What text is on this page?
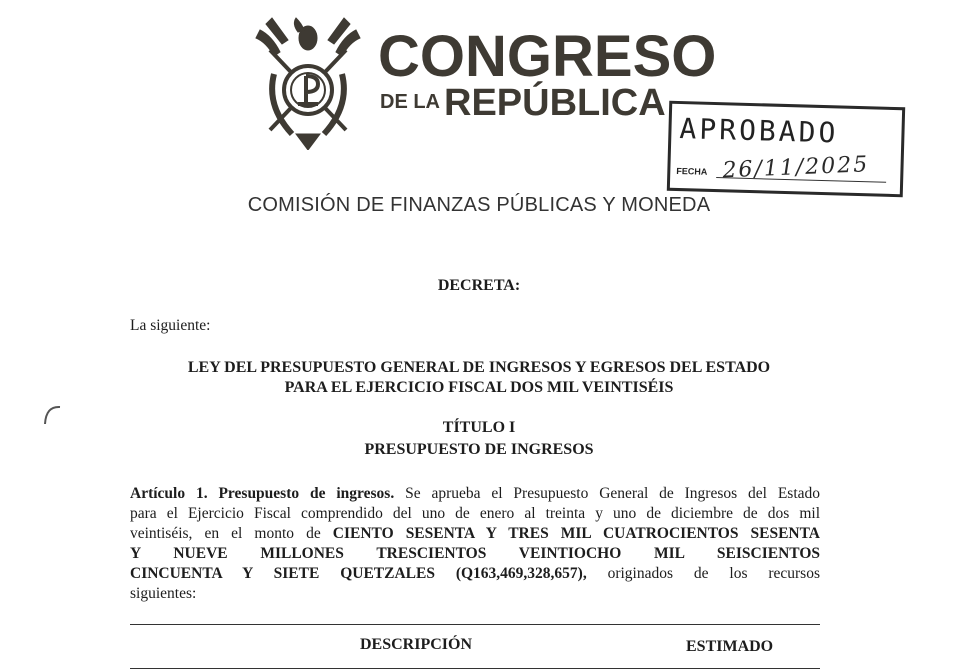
CONGRESO
DE LA REPÚBLICA
APROBADO
FECHA 26/11/2025
COMISIÓN DE FINANZAS PÚBLICAS Y MONEDA
DECRETA:
La siguiente:
LEY DEL PRESUPUESTO GENERAL DE INGRESOS Y EGRESOS DEL ESTADO
PARA EL EJERCICIO FISCAL DOS MIL VEINTISÉIS
TÍTULO I
PRESUPUESTO DE INGRESOS
Artículo 1. Presupuesto de ingresos. Se aprueba el Presupuesto General de Ingresos del Estado
para el Ejercicio Fiscal comprendido del uno de enero al treinta y uno de diciembre de dos mil
veintiséis, en el monto de CIENTO SESENTA Y TRES MIL CUATROCIENTOS SESENTA
Y NUEVE MILLONES TRESCIENTOS VEINTIOCHO MIL SEISCIENTOS
CINCUENTA Y SIETE QUETZALES (Q163,469,328,657), originados de los recursos
siguientes:
DESCRIPCIÓN	ESTIMADO
